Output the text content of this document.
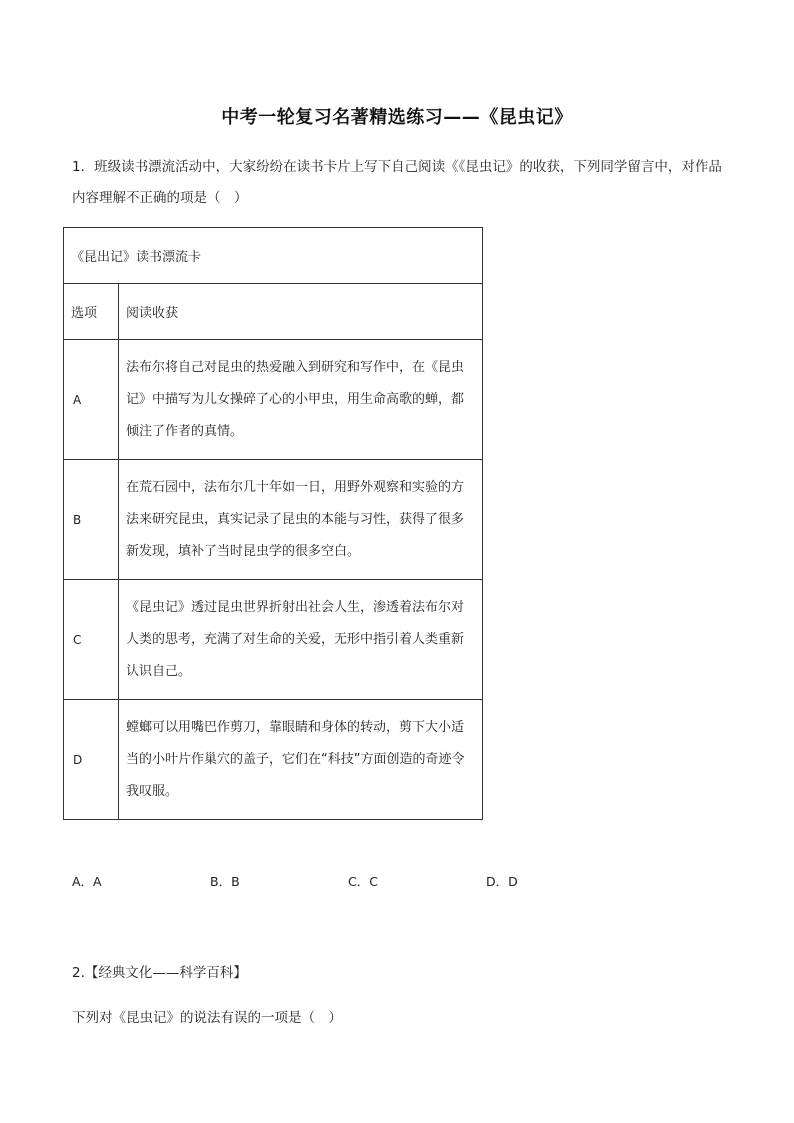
中考一轮复习名著精选练习——《昆虫记》
1．班级读书漂流活动中，大家纷纷在读书卡片上写下自己阅读《《昆虫记》的收获，下列同学留言中，对作品内容理解不正确的项是（　）
《昆出记》读书漂流卡	
选项	阅读收获
A	法布尔将自己对昆虫的热爱融入到研究和写作中，在《昆虫记》中描写为儿女操碎了心的小甲虫，用生命高歌的蝉，都倾注了作者的真情。
B	在荒石园中，法布尔几十年如一日，用野外观察和实验的方法来研究昆虫，真实记录了昆虫的本能与习性，获得了很多新发现，填补了当时昆虫学的很多空白。
C	《昆虫记》透过昆虫世界折射出社会人生，渗透着法布尔对人类的思考，充满了对生命的关爱，无形中指引着人类重新认识自己。
D	螳螂可以用嘴巴作剪刀，靠眼睛和身体的转动，剪下大小适当的小叶片作巢穴的盖子，它们在“科技”方面创造的奇迹令我叹服。
A．A	B．B	C．C	D．D
2.【经典文化——科学百科】
下列对《昆虫记》的说法有误的一项是（　）
